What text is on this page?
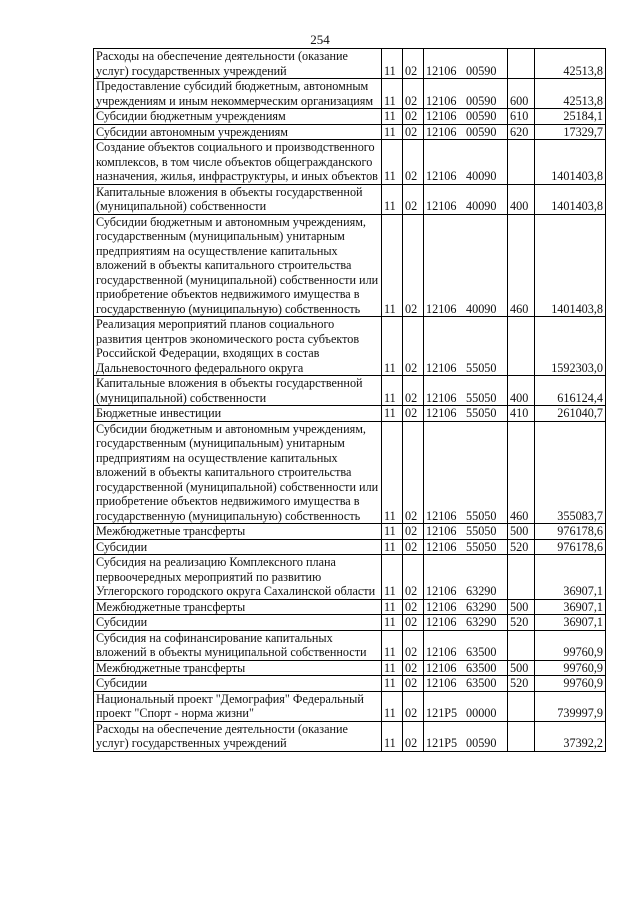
254
Расходы на обеспечение деятельности (оказание услуг) государственных учреждений	11	02	12106 00590		42513,8
Предоставление субсидий бюджетным, автономным учреждениям и иным некоммерческим организациям	11	02	12106 00590	600	42513,8
Субсидии бюджетным учреждениям	11	02	12106 00590	610	25184,1
Субсидии автономным учреждениям	11	02	12106 00590	620	17329,7
Создание объектов социального и производственного комплексов, в том числе объектов общегражданского назначения, жилья, инфраструктуры, и иных объектов	11	02	12106 40090		1401403,8
Капитальные вложения в объекты государственной (муниципальной) собственности	11	02	12106 40090	400	1401403,8
Субсидии бюджетным и автономным учреждениям, государственным (муниципальным) унитарным предприятиям на осуществление капитальных вложений в объекты капитального строительства государственной (муниципальной) собственности или приобретение объектов недвижимого имущества в государственную (муниципальную) собственность	11	02	12106 40090	460	1401403,8
Реализация мероприятий планов социального развития центров экономического роста субъектов Российской Федерации, входящих в состав Дальневосточного федерального округа	11	02	12106 55050		1592303,0
Капитальные вложения в объекты государственной (муниципальной) собственности	11	02	12106 55050	400	616124,4
Бюджетные инвестиции	11	02	12106 55050	410	261040,7
Субсидии бюджетным и автономным учреждениям, государственным (муниципальным) унитарным предприятиям на осуществление капитальных вложений в объекты капитального строительства государственной (муниципальной) собственности или приобретение объектов недвижимого имущества в государственную (муниципальную) собственность	11	02	12106 55050	460	355083,7
Межбюджетные трансферты	11	02	12106 55050	500	976178,6
Субсидии	11	02	12106 55050	520	976178,6
Субсидия на реализацию Комплексного плана первоочередных мероприятий по развитию Углегорского городского округа Сахалинской области	11	02	12106 63290		36907,1
Межбюджетные трансферты	11	02	12106 63290	500	36907,1
Субсидии	11	02	12106 63290	520	36907,1
Субсидия на софинансирование капитальных вложений в объекты муниципальной собственности	11	02	12106 63500		99760,9
Межбюджетные трансферты	11	02	12106 63500	500	99760,9
Субсидии	11	02	12106 63500	520	99760,9
Национальный проект "Демография" Федеральный проект "Спорт - норма жизни"	11	02	121P5 00000		739997,9
Расходы на обеспечение деятельности (оказание услуг) государственных учреждений	11	02	121P5 00590		37392,2
